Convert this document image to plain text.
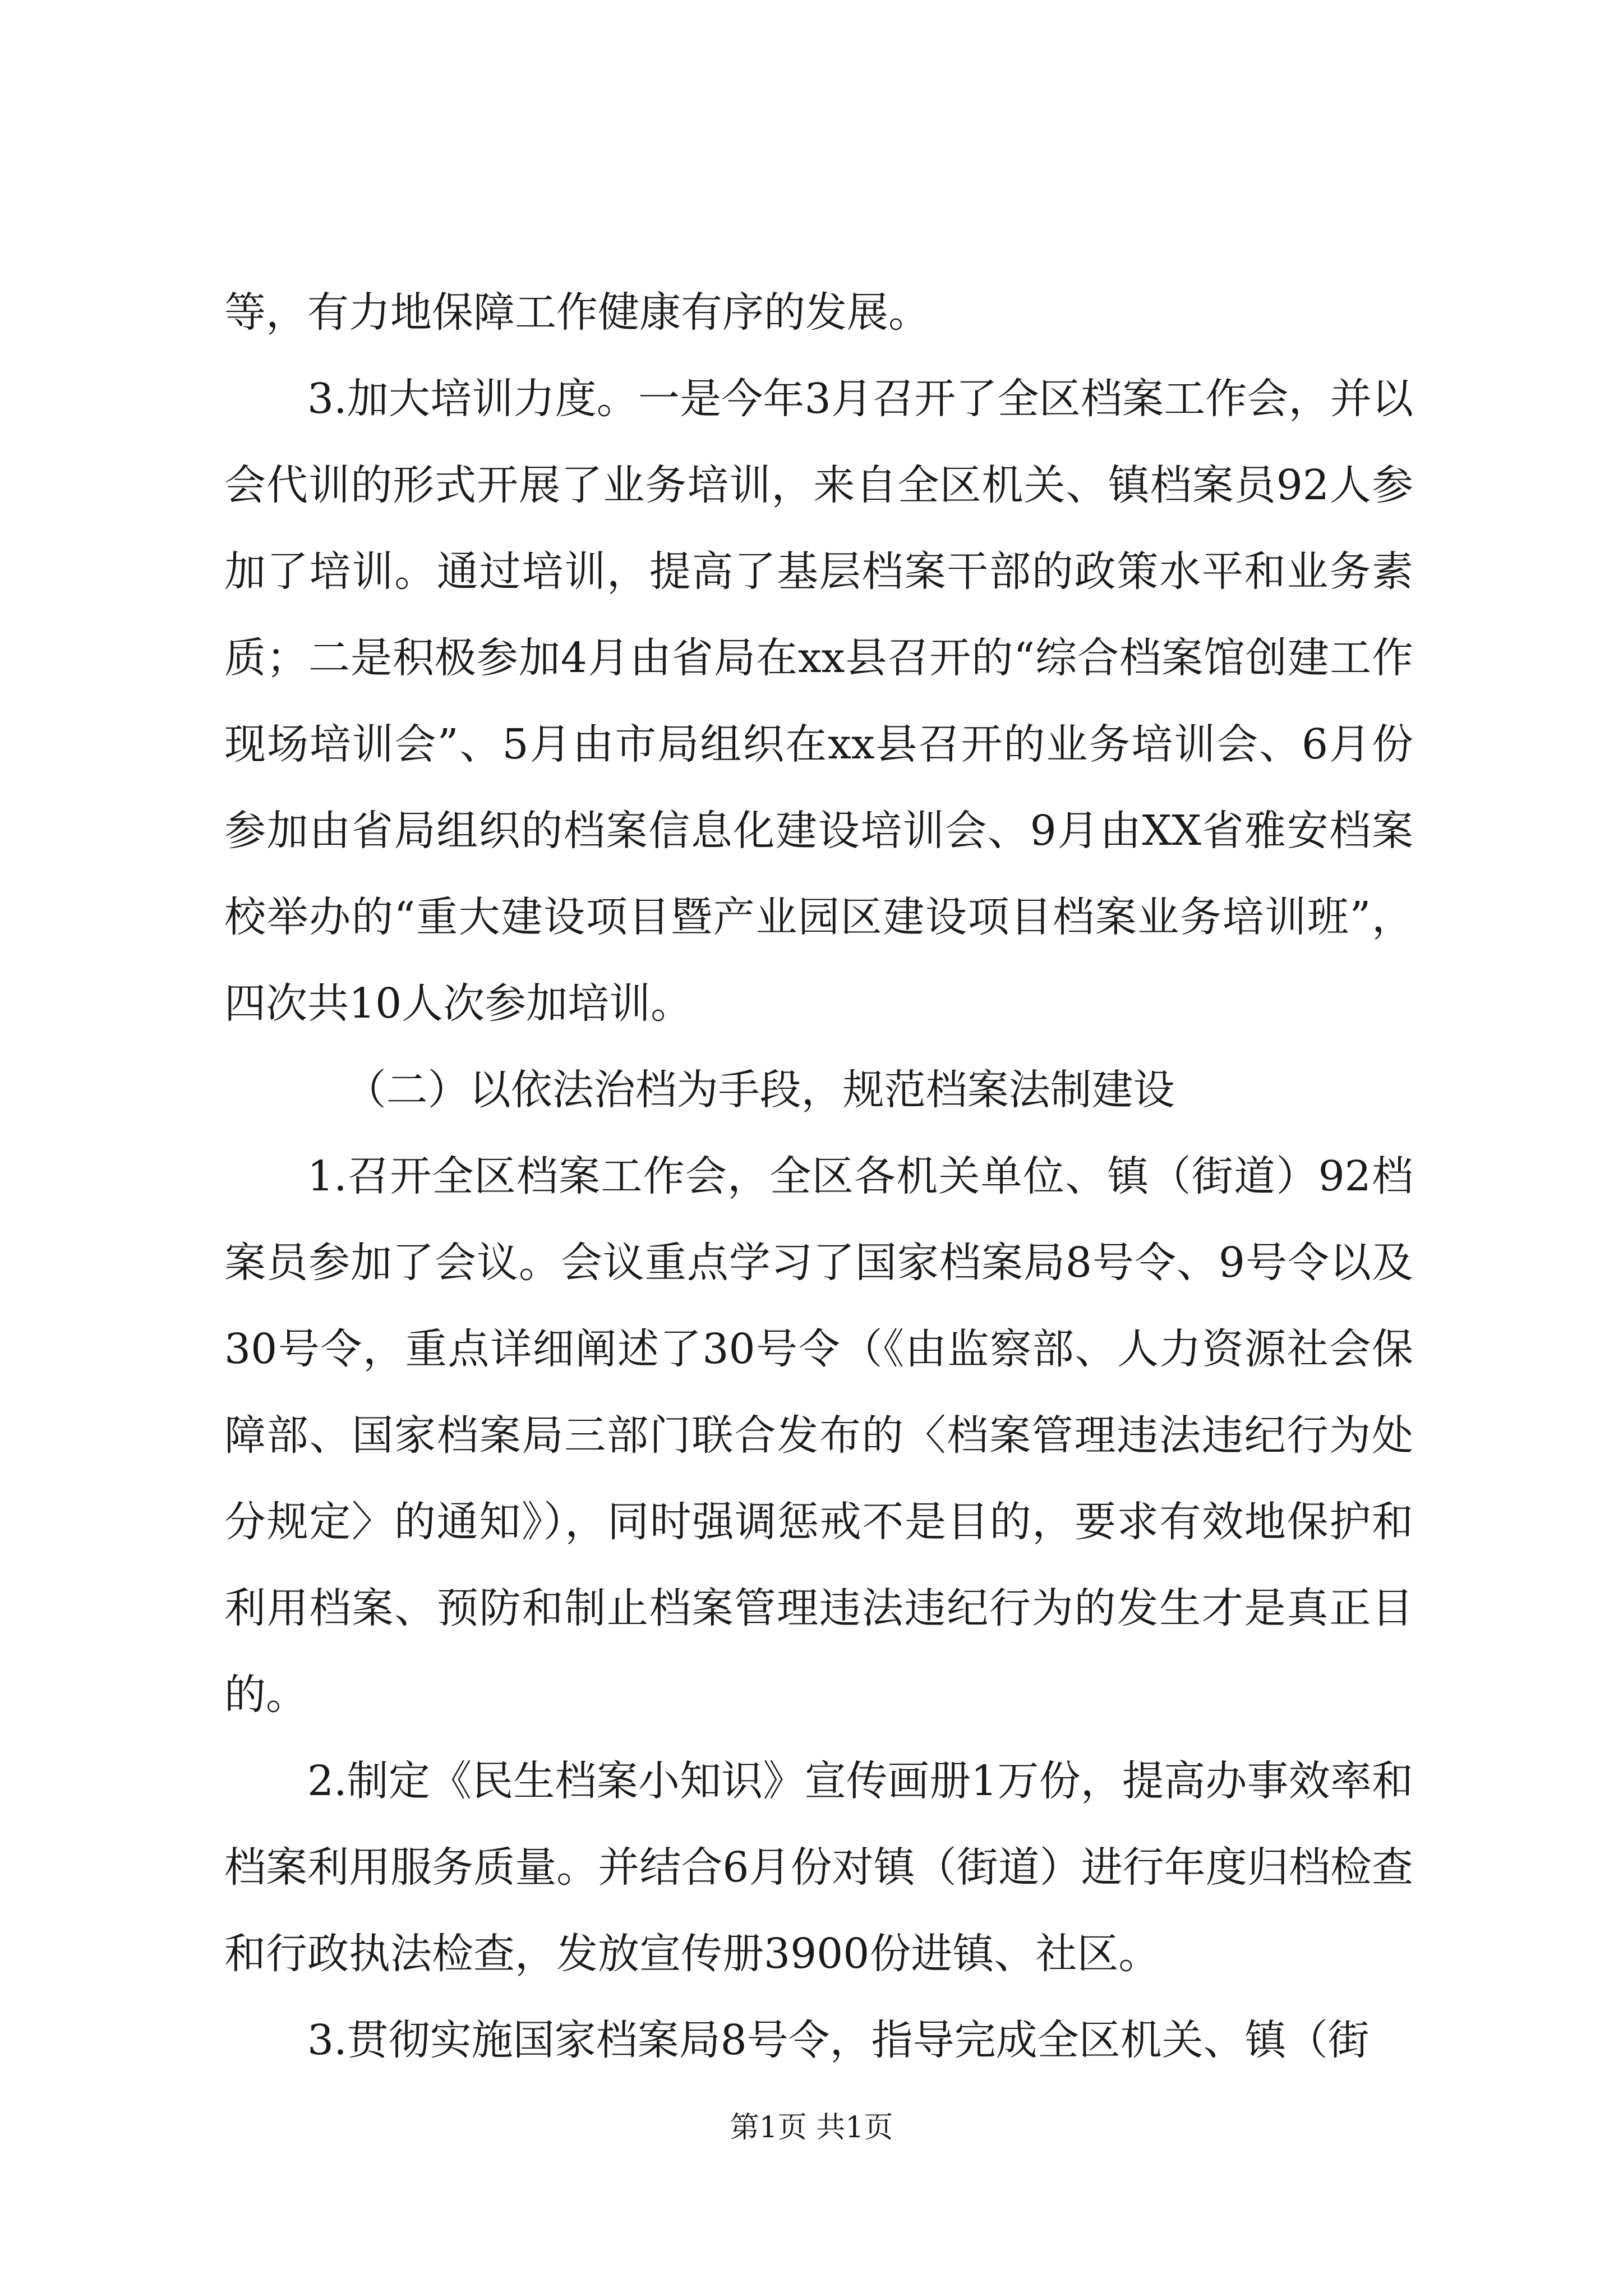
等，有力地保障工作健康有序的发展。

3.加大培训力度。一是今年3月召开了全区档案工作会，并以会代训的形式开展了业务培训，来自全区机关、镇档案员92人参加了培训。通过培训，提高了基层档案干部的政策水平和业务素质；二是积极参加4月由省局在xx县召开的“综合档案馆创建工作现场培训会”、5月由市局组织在xx县召开的业务培训会、6月份参加由省局组织的档案信息化建设培训会、9月由XX省雅安档案校举办的“重大建设项目暨产业园区建设项目档案业务培训班”，四次共10人次参加培训。

（二）以依法治档为手段，规范档案法制建设

1.召开全区档案工作会，全区各机关单位、镇（街道）92档案员参加了会议。会议重点学习了国家档案局8号令、9号令以及30号令，重点详细阐述了30号令（《由监察部、人力资源社会保障部、国家档案局三部门联合发布的〈档案管理违法违纪行为处分规定〉的通知》），同时强调惩戒不是目的，要求有效地保护和利用档案、预防和制止档案管理违法违纪行为的发生才是真正目的。

2.制定《民生档案小知识》宣传画册1万份，提高办事效率和档案利用服务质量。并结合6月份对镇（街道）进行年度归档检查和行政执法检查，发放宣传册3900份进镇、社区。

3.贯彻实施国家档案局8号令，指导完成全区机关、镇（街

第1页 共1页
